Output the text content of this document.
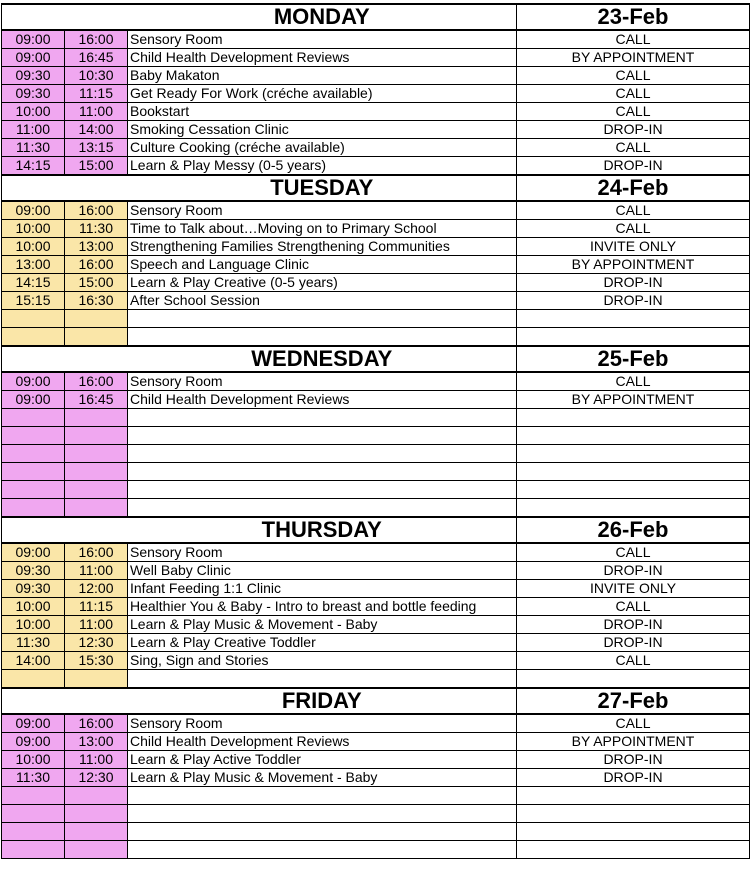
		MONDAY	23-Feb
09:00	16:00	Sensory Room	CALL
09:00	16:45	Child Health Development Reviews	BY APPOINTMENT
09:30	10:30	Baby Makaton	CALL
09:30	11:15	Get Ready For Work (créche available)	CALL
10:00	11:00	Bookstart	CALL
11:00	14:00	Smoking Cessation Clinic	DROP-IN
11:30	13:15	Culture Cooking (créche available)	CALL
14:15	15:00	Learn & Play Messy (0-5 years)	DROP-IN
		TUESDAY	24-Feb
09:00	16:00	Sensory Room	CALL
10:00	11:30	Time to Talk about…Moving on to Primary School	CALL
10:00	13:00	Strengthening Families Strengthening Communities	INVITE ONLY
13:00	16:00	Speech and Language Clinic	BY APPOINTMENT
14:15	15:00	Learn & Play Creative (0-5 years)	DROP-IN
15:15	16:30	After School Session	DROP-IN

		WEDNESDAY	25-Feb
09:00	16:00	Sensory Room	CALL
09:00	16:45	Child Health Development Reviews	BY APPOINTMENT

		THURSDAY	26-Feb
09:00	16:00	Sensory Room	CALL
09:30	11:00	Well Baby Clinic	DROP-IN
09:30	12:00	Infant Feeding 1:1 Clinic	INVITE ONLY
10:00	11:15	Healthier You & Baby - Intro to breast and bottle feeding	CALL
10:00	11:00	Learn & Play Music & Movement - Baby	DROP-IN
11:30	12:30	Learn & Play Creative Toddler	DROP-IN
14:00	15:30	Sing, Sign and Stories	CALL

		FRIDAY	27-Feb
09:00	16:00	Sensory Room	CALL
09:00	13:00	Child Health Development Reviews	BY APPOINTMENT
10:00	11:00	Learn & Play Active Toddler	DROP-IN
11:30	12:30	Learn & Play Music & Movement - Baby	DROP-IN
